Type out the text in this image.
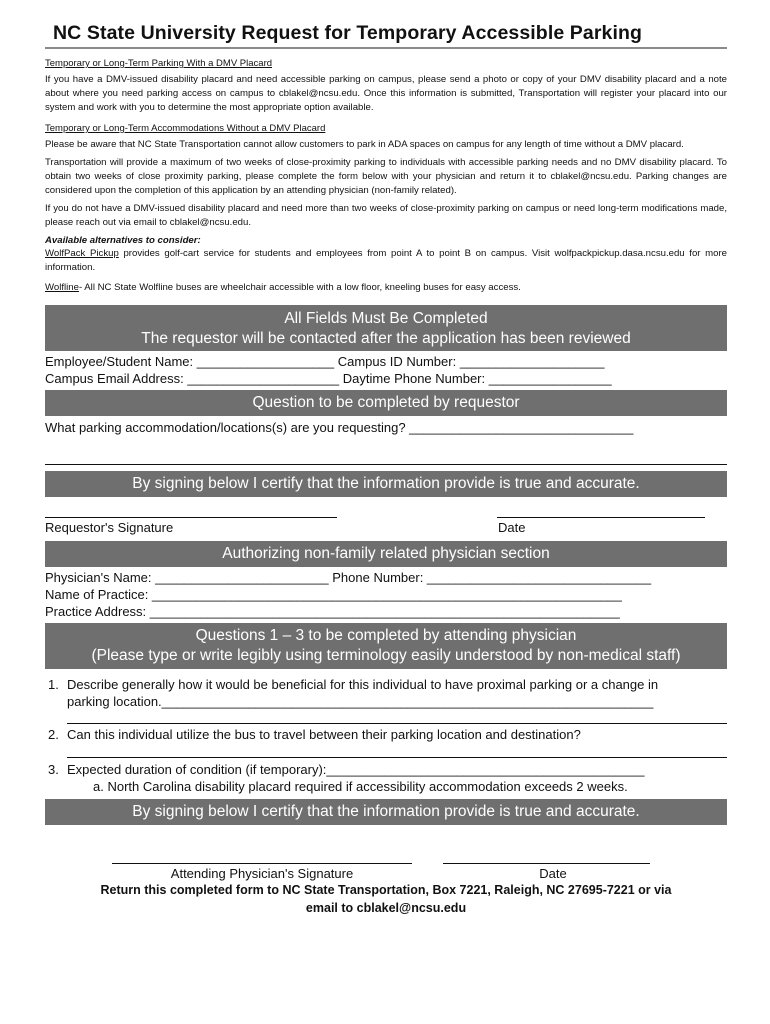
NC State University Request for Temporary Accessible Parking
Temporary or Long-Term Parking With a DMV Placard
If you have a DMV-issued disability placard and need accessible parking on campus, please send a photo or copy of your DMV disability placard and a note about where you need parking access on campus to cblakel@ncsu.edu. Once this information is submitted, Transportation will register your placard into our system and work with you to determine the most appropriate option available.
Temporary or Long-Term Accommodations Without a DMV Placard
Please be aware that NC State Transportation cannot allow customers to park in ADA spaces on campus for any length of time without a DMV placard.
Transportation will provide a maximum of two weeks of close-proximity parking to individuals with accessible parking needs and no DMV disability placard. To obtain two weeks of close proximity parking, please complete the form below with your physician and return it to cblakel@ncsu.edu. Parking changes are considered upon the completion of this application by an attending physician (non-family related).
If you do not have a DMV-issued disability placard and need more than two weeks of close-proximity parking on campus or need long-term modifications made, please reach out via email to cblakel@ncsu.edu.
Available alternatives to consider:
WolfPack Pickup provides golf-cart service for students and employees from point A to point B on campus. Visit wolfpackpickup.dasa.ncsu.edu for more information.
Wolfline- All NC State Wolfline buses are wheelchair accessible with a low floor, kneeling buses for easy access.
All Fields Must Be Completed
The requestor will be contacted after the application has been reviewed
Employee/Student Name: ___________________ Campus ID Number: ____________________
Campus Email Address: _____________________ Daytime Phone Number: _________________
Question to be completed by requestor
What parking accommodation/locations(s) are you requesting? _______________________________
By signing below I certify that the information provide is true and accurate.
Requestor's Signature	Date
Authorizing non-family related physician section
Physician's Name: ________________________ Phone Number: _______________________________
Name of Practice: _________________________________________________________________
Practice Address: _________________________________________________________________
Questions 1 – 3 to be completed by attending physician
(Please type or write legibly using terminology easily understood by non-medical staff)
1. Describe generally how it would be beneficial for this individual to have proximal parking or a change in
parking location.____________________________________________________________________
2. Can this individual utilize the bus to travel between their parking location and destination?
3. Expected duration of condition (if temporary):____________________________________________
a. North Carolina disability placard required if accessibility accommodation exceeds 2 weeks.
By signing below I certify that the information provide is true and accurate.
Attending Physician's Signature	Date
Return this completed form to NC State Transportation, Box 7221, Raleigh, NC 27695-7221 or via
email to cblakel@ncsu.edu
